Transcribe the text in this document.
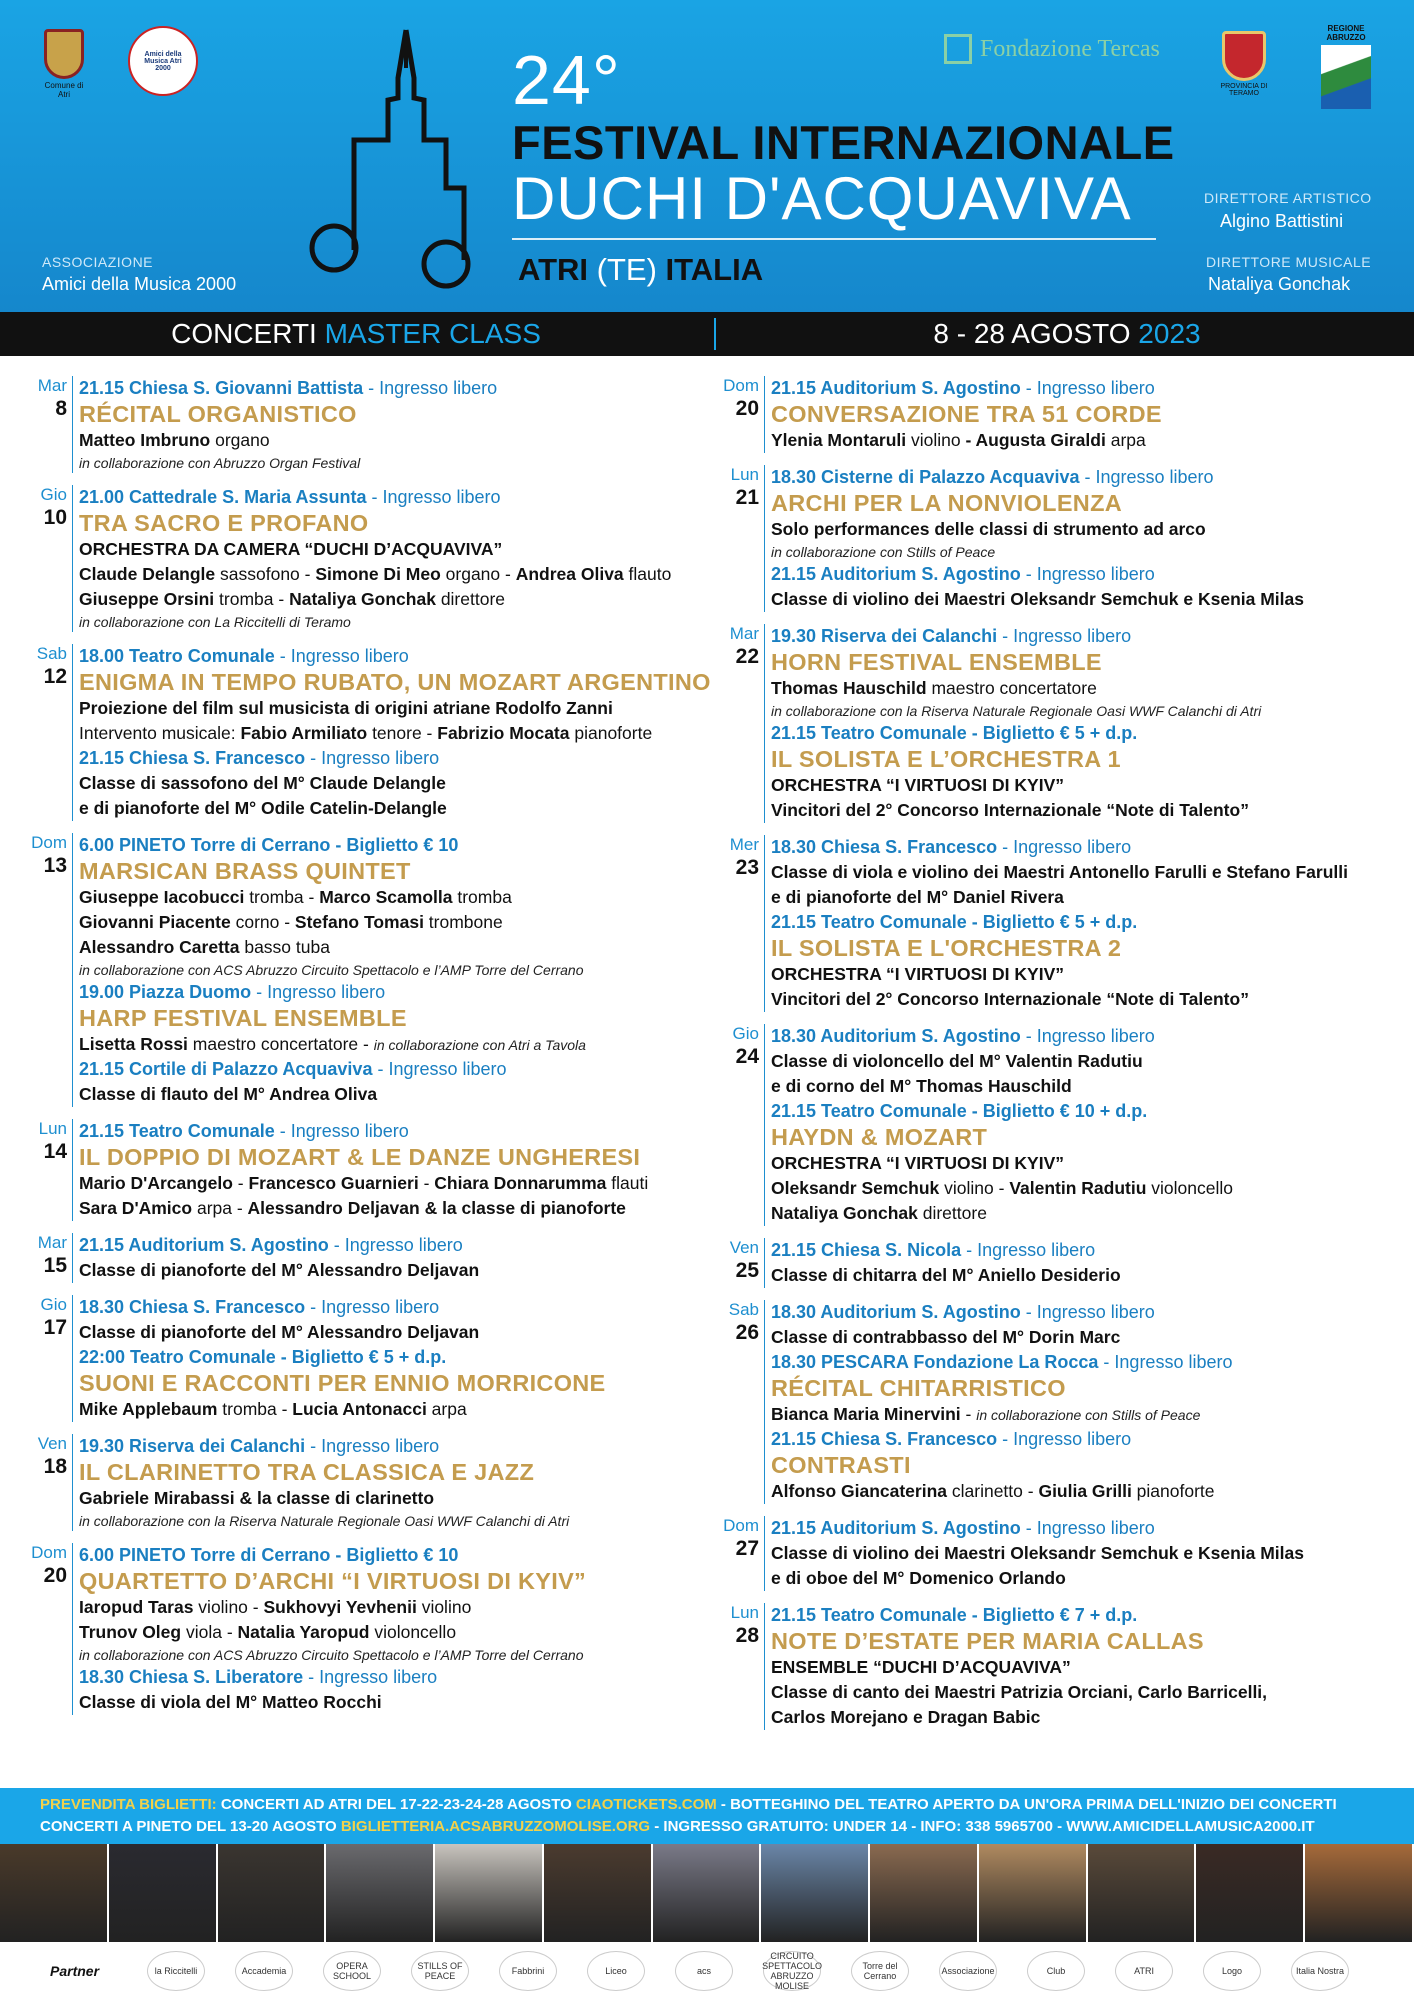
Comune di Atri
Amici della Musica Atri 2000	24°
FESTIVAL INTERNAZIONALE
DUCHI D'ACQUAVIVA
ATRI (TE) ITALIA
ASSOCIAZIONE
Amici della Musica 2000
Fondazione Tercas
PROVINCIA DI TERAMO
REGIONE ABRUZZO
DIRETTORE ARTISTICO
Algino Battistini
DIRETTORE MUSICALE
Nataliya Gonchak
CONCERTI MASTER CLASS	8 - 28 AGOSTO 2023
Mar
8
21.15 Chiesa S. Giovanni Battista - Ingresso libero
RÉCITAL ORGANISTICO
Matteo Imbruno organo
in collaborazione con Abruzzo Organ Festival
Gio
10
21.00 Cattedrale S. Maria Assunta - Ingresso libero
TRA SACRO E PROFANO
ORCHESTRA DA CAMERA “DUCHI D’ACQUAVIVA”
Claude Delangle sassofono - Simone Di Meo organo - Andrea Oliva flauto
Giuseppe Orsini tromba - Nataliya Gonchak direttore
in collaborazione con La Riccitelli di Teramo
Sab
12
18.00 Teatro Comunale - Ingresso libero
ENIGMA IN TEMPO RUBATO, UN MOZART ARGENTINO
Proiezione del film sul musicista di origini atriane Rodolfo Zanni
Intervento musicale: Fabio Armiliato tenore - Fabrizio Mocata pianoforte
21.15 Chiesa S. Francesco - Ingresso libero
Classe di sassofono del M° Claude Delangle
e di pianoforte del M° Odile Catelin-Delangle
Dom
13
6.00 PINETO Torre di Cerrano - Biglietto € 10
MARSICAN BRASS QUINTET
Giuseppe Iacobucci tromba - Marco Scamolla tromba
Giovanni Piacente corno - Stefano Tomasi trombone
Alessandro Caretta basso tuba
in collaborazione con ACS Abruzzo Circuito Spettacolo e l’AMP Torre del Cerrano
19.00 Piazza Duomo - Ingresso libero
HARP FESTIVAL ENSEMBLE
Lisetta Rossi maestro concertatore - in collaborazione con Atri a Tavola
21.15 Cortile di Palazzo Acquaviva - Ingresso libero
Classe di flauto del M° Andrea Oliva
Lun
14
21.15 Teatro Comunale - Ingresso libero
IL DOPPIO DI MOZART & LE DANZE UNGHERESI
Mario D'Arcangelo - Francesco Guarnieri - Chiara Donnarumma flauti
Sara D'Amico arpa - Alessandro Deljavan & la classe di pianoforte
Mar
15
21.15 Auditorium S. Agostino - Ingresso libero
Classe di pianoforte del M° Alessandro Deljavan
Gio
17
18.30 Chiesa S. Francesco - Ingresso libero
Classe di pianoforte del M° Alessandro Deljavan
22:00 Teatro Comunale - Biglietto € 5 + d.p.
SUONI E RACCONTI PER ENNIO MORRICONE
Mike Applebaum tromba - Lucia Antonacci arpa
Ven
18
19.30 Riserva dei Calanchi - Ingresso libero
IL CLARINETTO TRA CLASSICA E JAZZ
Gabriele Mirabassi & la classe di clarinetto
in collaborazione con la Riserva Naturale Regionale Oasi WWF Calanchi di Atri
Dom
20
6.00 PINETO Torre di Cerrano - Biglietto € 10
QUARTETTO D’ARCHI “I VIRTUOSI DI KYIV”
Iaropud Taras violino - Sukhovyi Yevhenii violino
Trunov Oleg viola - Natalia Yaropud violoncello
in collaborazione con ACS Abruzzo Circuito Spettacolo e l’AMP Torre del Cerrano
18.30 Chiesa S. Liberatore - Ingresso libero
Classe di viola del M° Matteo Rocchi
Dom
20
21.15 Auditorium S. Agostino - Ingresso libero
CONVERSAZIONE TRA 51 CORDE
Ylenia Montaruli violino - Augusta Giraldi arpa
Lun
21
18.30 Cisterne di Palazzo Acquaviva - Ingresso libero
ARCHI PER LA NONVIOLENZA
Solo performances delle classi di strumento ad arco
in collaborazione con Stills of Peace
21.15 Auditorium S. Agostino - Ingresso libero
Classe di violino dei Maestri Oleksandr Semchuk e Ksenia Milas
Mar
22
19.30 Riserva dei Calanchi - Ingresso libero
HORN FESTIVAL ENSEMBLE
Thomas Hauschild maestro concertatore
in collaborazione con la Riserva Naturale Regionale Oasi WWF Calanchi di Atri
21.15 Teatro Comunale - Biglietto € 5 + d.p.
IL SOLISTA E L’ORCHESTRA 1
ORCHESTRA “I VIRTUOSI DI KYIV”
Vincitori del 2° Concorso Internazionale “Note di Talento”
Mer
23
18.30 Chiesa S. Francesco - Ingresso libero
Classe di viola e violino dei Maestri Antonello Farulli e Stefano Farulli
e di pianoforte del M° Daniel Rivera
21.15 Teatro Comunale - Biglietto € 5 + d.p.
IL SOLISTA E L'ORCHESTRA 2
ORCHESTRA “I VIRTUOSI DI KYIV”
Vincitori del 2° Concorso Internazionale “Note di Talento”
Gio
24
18.30 Auditorium S. Agostino - Ingresso libero
Classe di violoncello del M° Valentin Radutiu
e di corno del M° Thomas Hauschild
21.15 Teatro Comunale - Biglietto € 10 + d.p.
HAYDN & MOZART
ORCHESTRA “I VIRTUOSI DI KYIV”
Oleksandr Semchuk violino - Valentin Radutiu violoncello
Nataliya Gonchak direttore
Ven
25
21.15 Chiesa S. Nicola - Ingresso libero
Classe di chitarra del M° Aniello Desiderio
Sab
26
18.30 Auditorium S. Agostino - Ingresso libero
Classe di contrabbasso del M° Dorin Marc
18.30 PESCARA Fondazione La Rocca - Ingresso libero
RÉCITAL CHITARRISTICO
Bianca Maria Minervini - in collaborazione con Stills of Peace
21.15 Chiesa S. Francesco - Ingresso libero
CONTRASTI
Alfonso Giancaterina clarinetto - Giulia Grilli pianoforte
Dom
27
21.15 Auditorium S. Agostino - Ingresso libero
Classe di violino dei Maestri Oleksandr Semchuk e Ksenia Milas
e di oboe del M° Domenico Orlando
Lun
28
21.15 Teatro Comunale - Biglietto € 7 + d.p.
NOTE D’ESTATE PER MARIA CALLAS
ENSEMBLE “DUCHI D’ACQUAVIVA”
Classe di canto dei Maestri Patrizia Orciani, Carlo Barricelli,
Carlos Morejano e Dragan Babic
PREVENDITA BIGLIETTI: CONCERTI AD ATRI DEL 17-22-23-24-28 AGOSTO CIAOTICKETS.COM - BOTTEGHINO DEL TEATRO APERTO DA UN'ORA PRIMA DELL'INIZIO DEI CONCERTI
CONCERTI A PINETO DEL 13-20 AGOSTO BIGLIETTERIA.ACSABRUZZOMOLISE.ORG - INGRESSO GRATUITO: UNDER 14 - INFO: 338 5965700 - WWW.AMICIDELLAMUSICA2000.IT
Partner	la Riccitelli	Accademia	OPERA SCHOOL
STILLS OF PEACE	Fabbrini	Liceo	acs
CIRCUITO SPETTACOLO ABRUZZO MOLISE
Torre del Cerrano	Associazione	Club	ATRI	Logo	Italia Nostra
